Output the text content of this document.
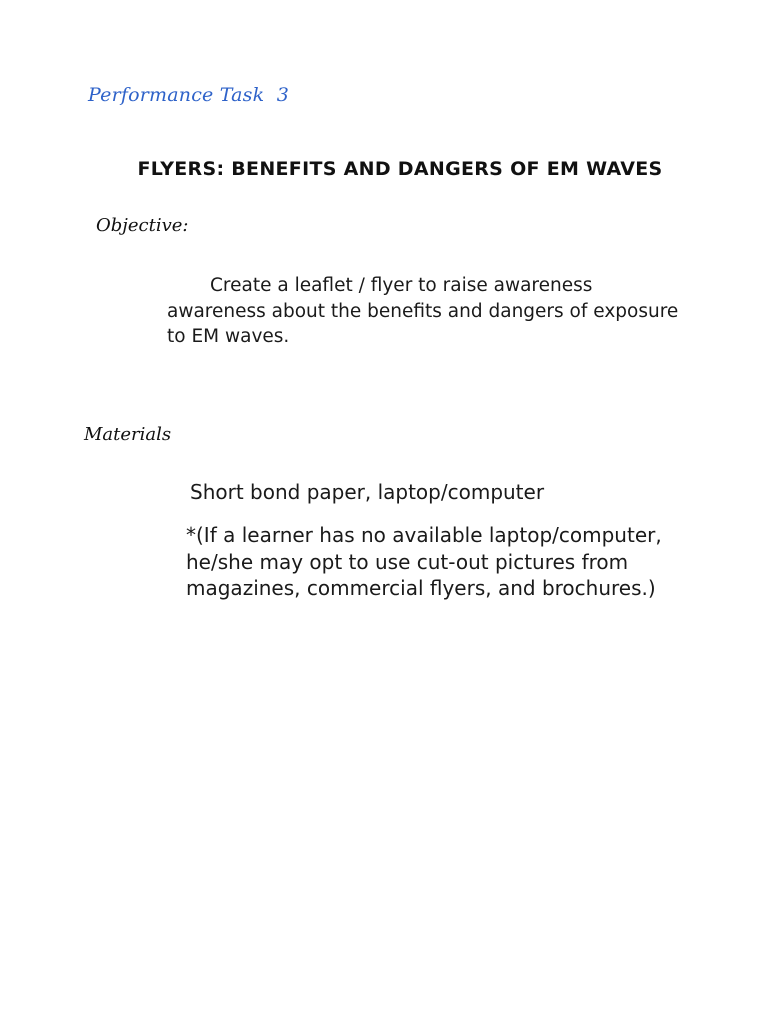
Performance Task  3
FLYERS: BENEFITS AND DANGERS OF EM WAVES
Objective:
Create a leaflet / flyer to raise awareness awareness about the benefits and dangers of exposure to EM waves.
Materials
Short bond paper, laptop/computer
*(If a learner has no available laptop/computer, he/she may opt to use cut-out pictures from magazines, commercial flyers, and brochures.)
